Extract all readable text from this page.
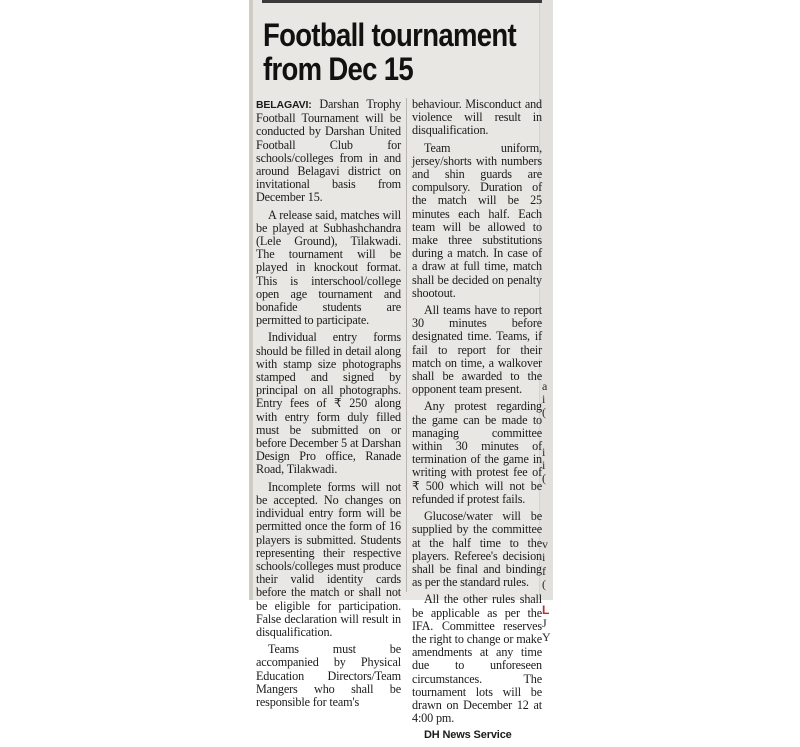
Football tournament
from Dec 15

BELAGAVI: Darshan Trophy Football Tournament will be conducted by Darshan United Football Club for schools/colleges from in and around Belagavi district on invitational basis from December 15.

A release said, matches will be played at Subhashchandra (Lele Ground), Tilakwadi. The tournament will be played in knockout format. This is interschool/college open age tournament and bonafide students are permitted to participate.

Individual entry forms should be filled in detail along with stamp size photographs stamped and signed by principal on all photographs. Entry fees of ₹ 250 along with entry form duly filled must be submitted on or before December 5 at Darshan Design Pro office, Ranade Road, Tilakwadi.

Incomplete forms will not be accepted. No changes on individual entry form will be permitted once the form of 16 players is submitted. Students representing their respective schools/colleges must produce their valid identity cards before the match or shall not be eligible for participation. False declaration will result in disqualification.

Teams must be accompanied by Physical Education Directors/Team Mangers who shall be responsible for team's

behaviour. Misconduct and violence will result in disqualification.

Team uniform, jersey/shorts with numbers and shin guards are compulsory. Duration of the match will be 25 minutes each half. Each team will be allowed to make three substitutions during a match. In case of a draw at full time, match shall be decided on penalty shootout.

All teams have to report 30 minutes before designated time. Teams, if fail to report for their match on time, a walkover shall be awarded to the opponent team present.

Any protest regarding the game can be made to managing committee within 30 minutes of termination of the game in writing with protest fee of ₹ 500 which will not be refunded if protest fails.

Glucose/water will be supplied by the committee at the half time to the players. Referee's decision shall be final and binding as per the standard rules.

All the other rules shall be applicable as per the IFA. Committee reserves the right to change or make amendments at any time due to unforeseen circumstances. The tournament lots will be drawn on December 12 at 4:00 pm.

DH News Service

a
i
(
i
i
(
v
i
f
(
L
J
Y
